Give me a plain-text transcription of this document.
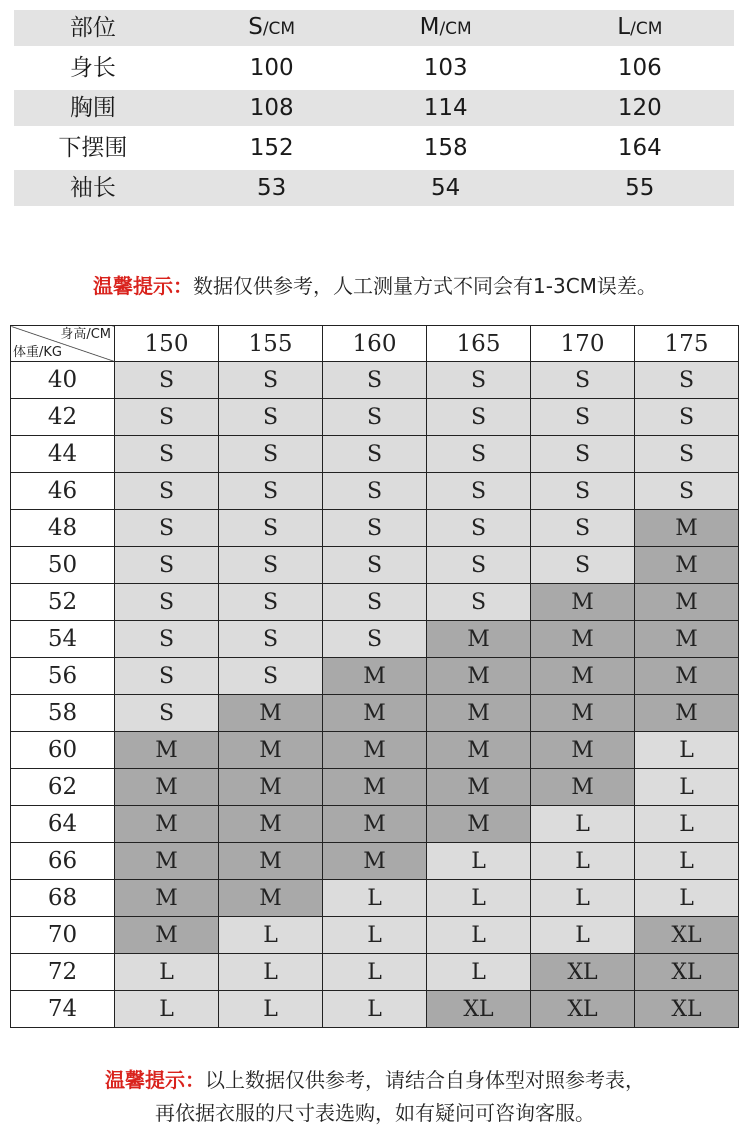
部位	S/CM	M/CM	L/CM
身长	100	103	106
胸围	108	114	120
下摆围	152	158	164
袖长	53	54	55
温馨提示：数据仅供参考，人工测量方式不同会有1-3CM误差。
身高/CM
体重/KG	150	155	160	165	170	175
40	S	S	S	S	S	S
42	S	S	S	S	S	S
44	S	S	S	S	S	S
46	S	S	S	S	S	S
48	S	S	S	S	S	M
50	S	S	S	S	S	M
52	S	S	S	S	M	M
54	S	S	S	M	M	M
56	S	S	M	M	M	M
58	S	M	M	M	M	M
60	M	M	M	M	M	L
62	M	M	M	M	M	L
64	M	M	M	M	L	L
66	M	M	M	L	L	L
68	M	M	L	L	L	L
70	M	L	L	L	L	XL
72	L	L	L	L	XL	XL
74	L	L	L	XL	XL	XL
温馨提示：以上数据仅供参考，请结合自身体型对照参考表，
再依据衣服的尺寸表选购，如有疑问可咨询客服。
